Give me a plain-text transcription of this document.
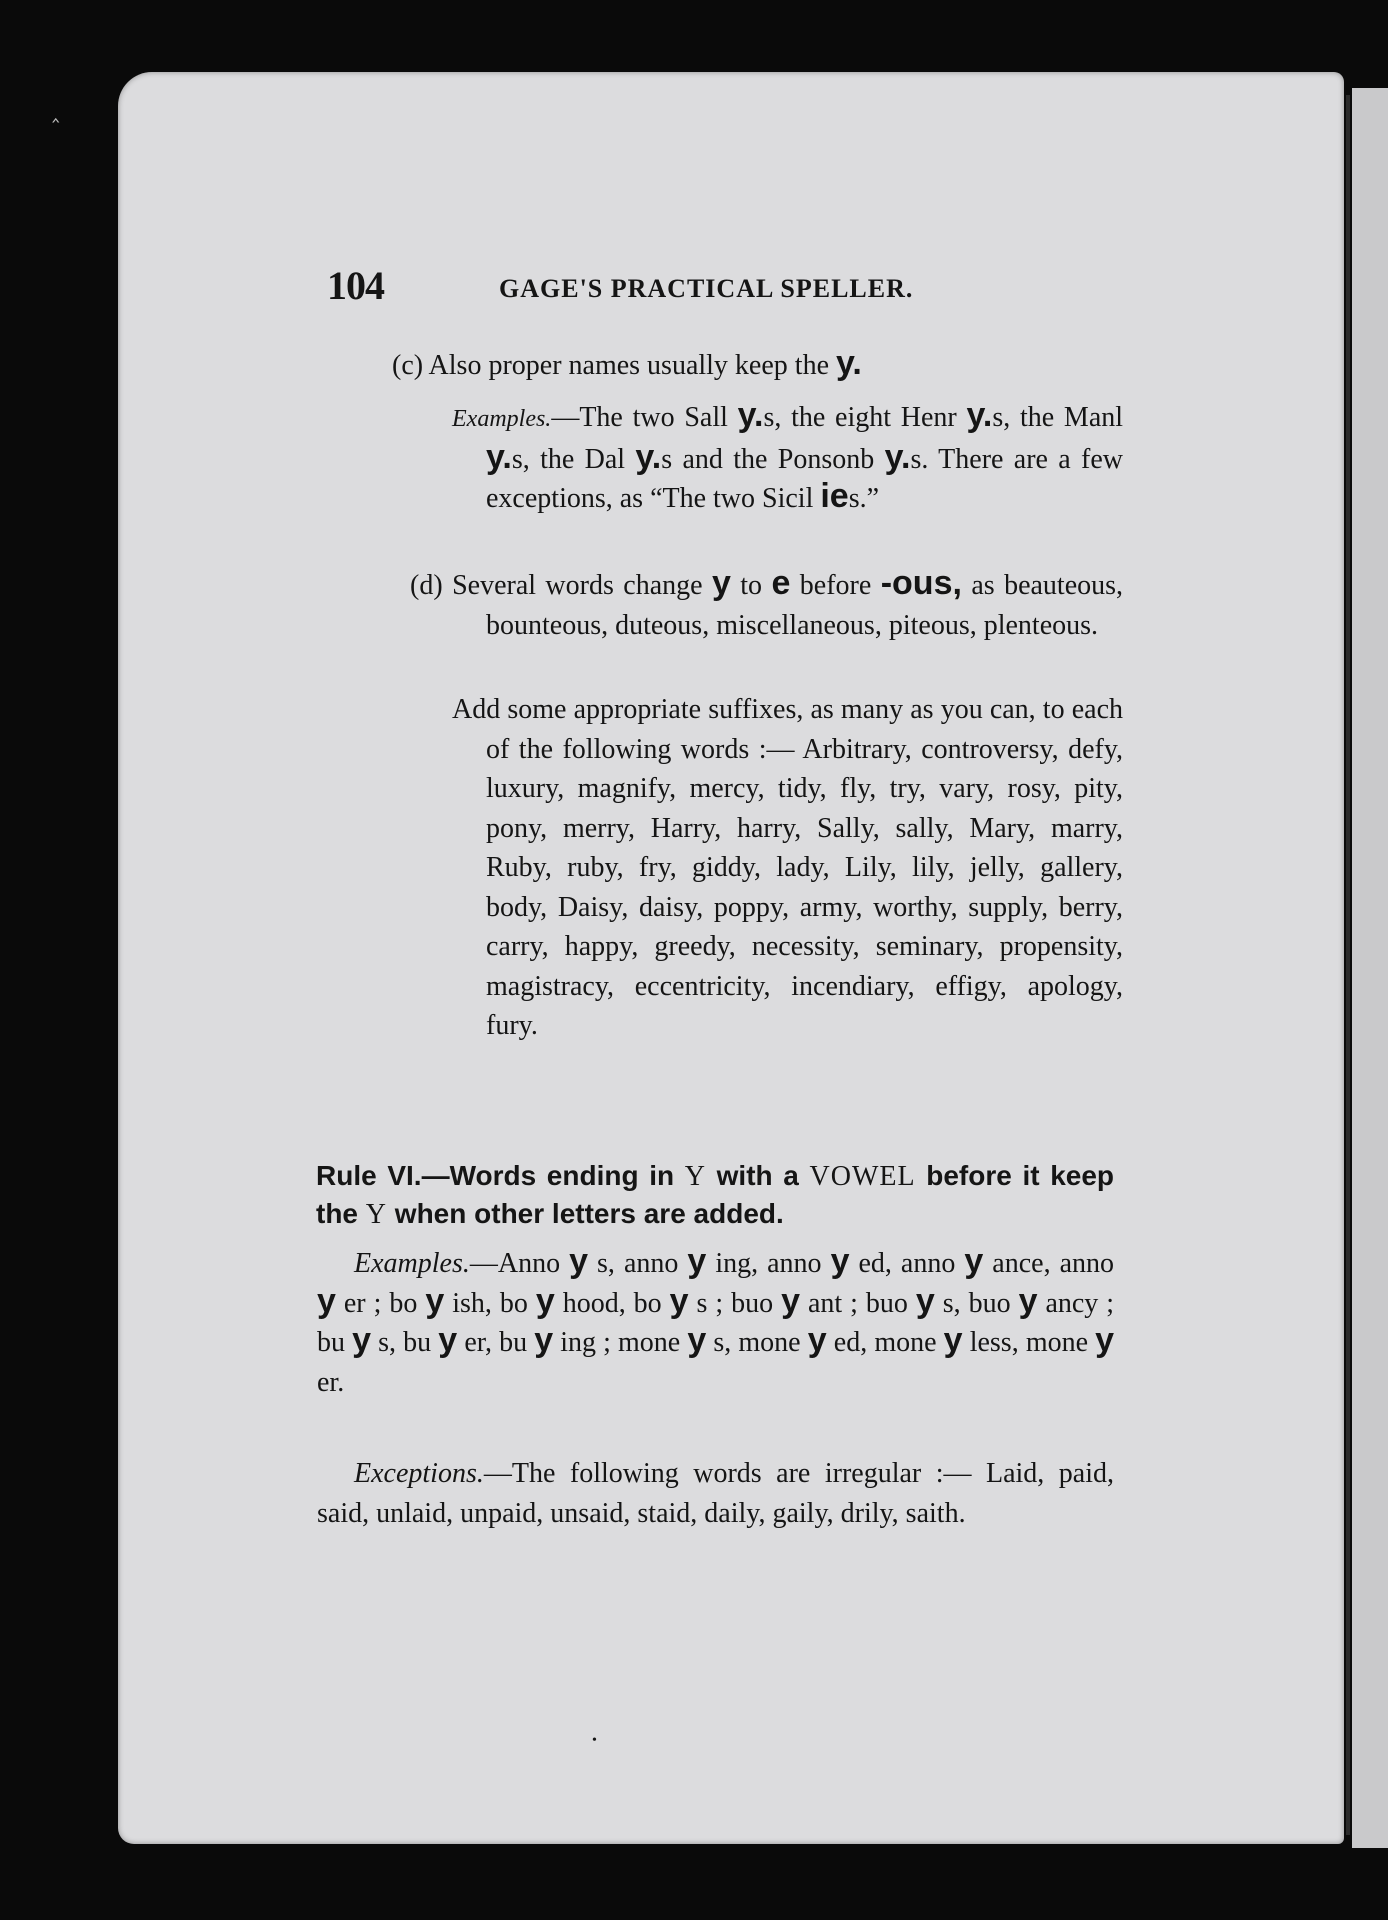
‸
104	GAGE'S PRACTICAL SPELLER.

(c) Also proper names usually keep the y.

Examples.—The two Sall y.s, the eight Henr y.s, the Manl y.s, the Dal y.s and the Ponsonb y.s. There are a few exceptions, as “The two Sicil ies.”

(d) Several words change y to e before -ous, as beauteous, bounteous, duteous, miscellaneous, piteous, plenteous.

Add some appropriate suffixes, as many as you can, to each of the following words :— Arbitrary, controversy, defy, luxury, magnify, mercy, tidy, fly, try, vary, rosy, pity, pony, merry, Harry, harry, Sally, sally, Mary, marry, Ruby, ruby, fry, giddy, lady, Lily, lily, jelly, gallery, body, Daisy, daisy, poppy, army, worthy, supply, berry, carry, happy, greedy, necessity, seminary, propensity, magistracy, eccentricity, incendiary, effigy, apology, fury.

Rule VI.—Words ending in Y with a VOWEL before it keep the Y when other letters are added.

Examples.—Anno y s, anno y ing, anno y ed, anno y ance, anno y er ; bo y ish, bo y hood, bo y s ; buo y ant ; buo y s, buo y ancy ; bu y s, bu y er, bu y ing ; mone y s, mone y ed, mone y less, mone y er.

Exceptions.—The following words are irregular :— Laid, paid, said, unlaid, unpaid, unsaid, staid, daily, gaily, drily, saith.

•
